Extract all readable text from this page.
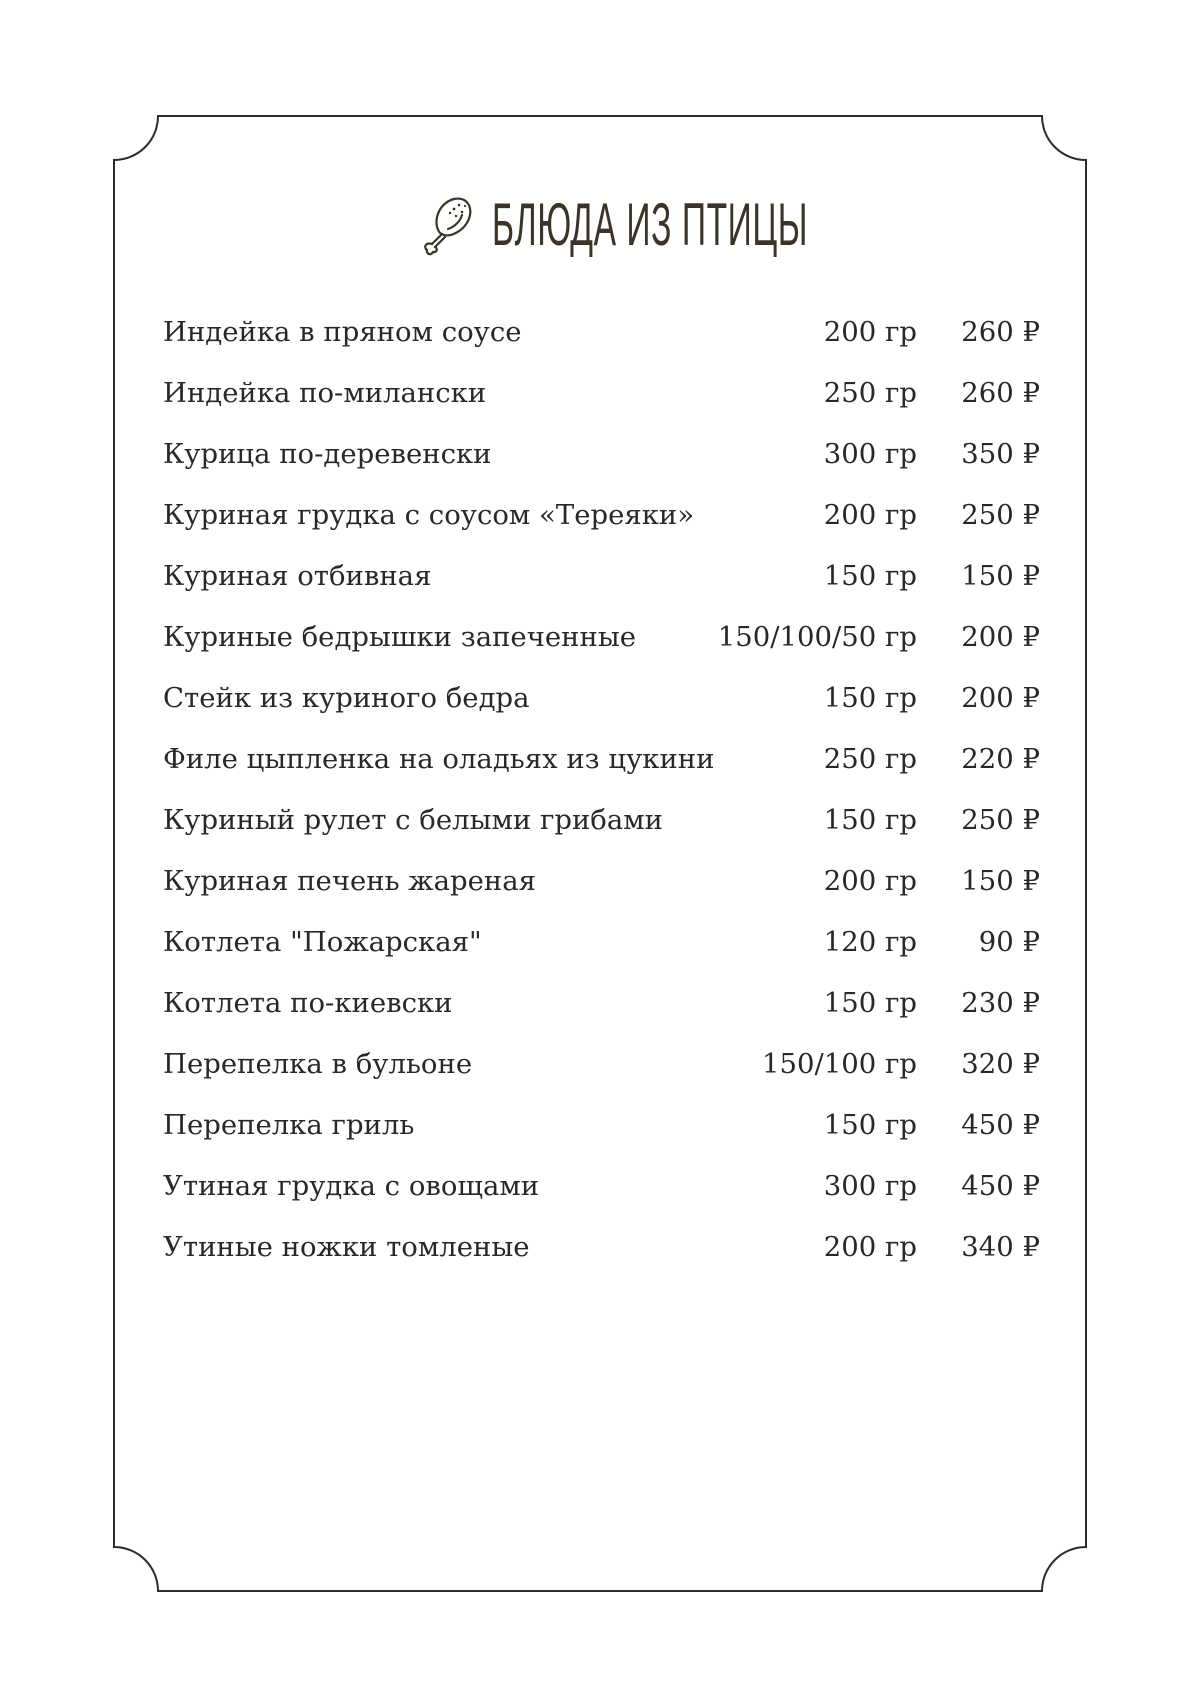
БЛЮДА ИЗ ПТИЦЫ
Индейка в пряном соусе	200 гр 260 ₽
Индейка по-милански	250 гр 260 ₽
Курица по-деревенски	300 гр 350 ₽
Куриная грудка с соусом «Тереяки»	200 гр 250 ₽
Куриная отбивная	150 гр 150 ₽
Куриные бедрышки запеченные	150/100/50 гр 200 ₽
Стейк из куриного бедра	150 гр 200 ₽
Филе цыпленка на оладьях из цукини	250 гр 220 ₽
Куриный рулет с белыми грибами	150 гр 250 ₽
Куриная печень жареная	200 гр 150 ₽
Котлета "Пожарская"	120 гр 90 ₽
Котлета по-киевски	150 гр 230 ₽
Перепелка в бульоне	150/100 гр 320 ₽
Перепелка гриль	150 гр 450 ₽
Утиная грудка с овощами	300 гр 450 ₽
Утиные ножки томленые	200 гр 340 ₽
